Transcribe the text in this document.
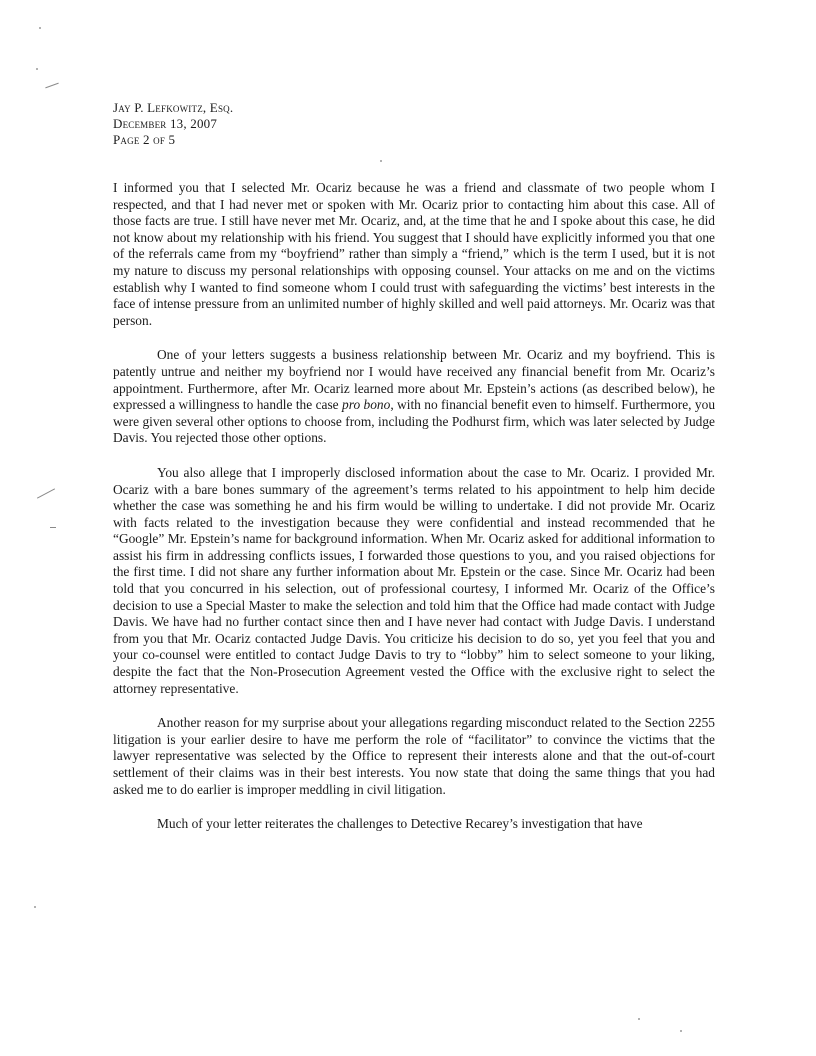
Jay P. Lefkowitz, Esq.
December 13, 2007
Page 2 of 5

I informed you that I selected Mr. Ocariz because he was a friend and classmate of two people whom I respected, and that I had never met or spoken with Mr. Ocariz prior to contacting him about this case. All of those facts are true. I still have never met Mr. Ocariz, and, at the time that he and I spoke about this case, he did not know about my relationship with his friend. You suggest that I should have explicitly informed you that one of the referrals came from my “boyfriend” rather than simply a “friend,” which is the term I used, but it is not my nature to discuss my personal relationships with opposing counsel. Your attacks on me and on the victims establish why I wanted to find someone whom I could trust with safeguarding the victims’ best interests in the face of intense pressure from an unlimited number of highly skilled and well paid attorneys. Mr. Ocariz was that person.

One of your letters suggests a business relationship between Mr. Ocariz and my boyfriend. This is patently untrue and neither my boyfriend nor I would have received any financial benefit from Mr. Ocariz’s appointment. Furthermore, after Mr. Ocariz learned more about Mr. Epstein’s actions (as described below), he expressed a willingness to handle the case pro bono, with no financial benefit even to himself. Furthermore, you were given several other options to choose from, including the Podhurst firm, which was later selected by Judge Davis. You rejected those other options.

You also allege that I improperly disclosed information about the case to Mr. Ocariz. I provided Mr. Ocariz with a bare bones summary of the agreement’s terms related to his appointment to help him decide whether the case was something he and his firm would be willing to undertake. I did not provide Mr. Ocariz with facts related to the investigation because they were confidential and instead recommended that he “Google” Mr. Epstein’s name for background information. When Mr. Ocariz asked for additional information to assist his firm in addressing conflicts issues, I forwarded those questions to you, and you raised objections for the first time. I did not share any further information about Mr. Epstein or the case. Since Mr. Ocariz had been told that you concurred in his selection, out of professional courtesy, I informed Mr. Ocariz of the Office’s decision to use a Special Master to make the selection and told him that the Office had made contact with Judge Davis. We have had no further contact since then and I have never had contact with Judge Davis. I understand from you that Mr. Ocariz contacted Judge Davis. You criticize his decision to do so, yet you feel that you and your co-counsel were entitled to contact Judge Davis to try to “lobby” him to select someone to your liking, despite the fact that the Non-Prosecution Agreement vested the Office with the exclusive right to select the attorney representative.

Another reason for my surprise about your allegations regarding misconduct related to the Section 2255 litigation is your earlier desire to have me perform the role of “facilitator” to convince the victims that the lawyer representative was selected by the Office to represent their interests alone and that the out-of-court settlement of their claims was in their best interests. You now state that doing the same things that you had asked me to do earlier is improper meddling in civil litigation.

Much of your letter reiterates the challenges to Detective Recarey’s investigation that have
